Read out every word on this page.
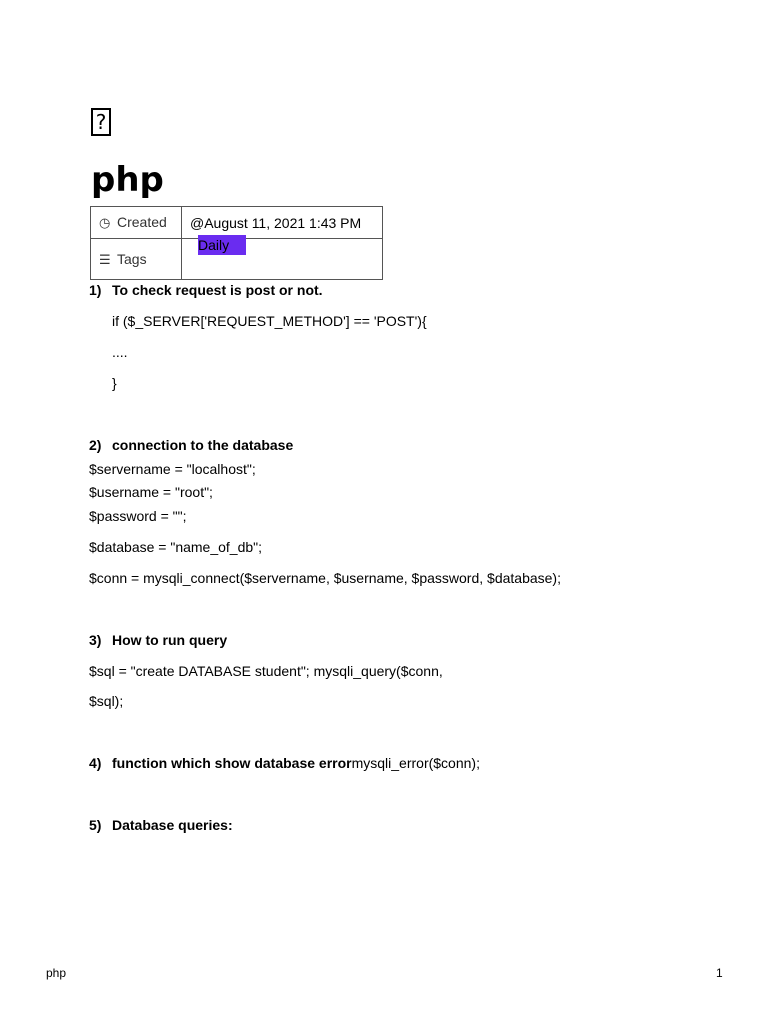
?
php
◷ Created	@August 11, 2021 1:43 PM
☰ Tags	Daily
1) To check request is post or not.
if ($_SERVER['REQUEST_METHOD'] == 'POST'){
....
}
2) connection to the database
$servername = "localhost";
$username = "root";
$password = "";
$database = "name_of_db";
$conn = mysqli_connect($servername, $username, $password, $database);
3) How to run query
$sql = "create DATABASE student"; mysqli_query($conn,
$sql);
4) function which show database errormysqli_error($conn);
5) Database queries:
php	1
